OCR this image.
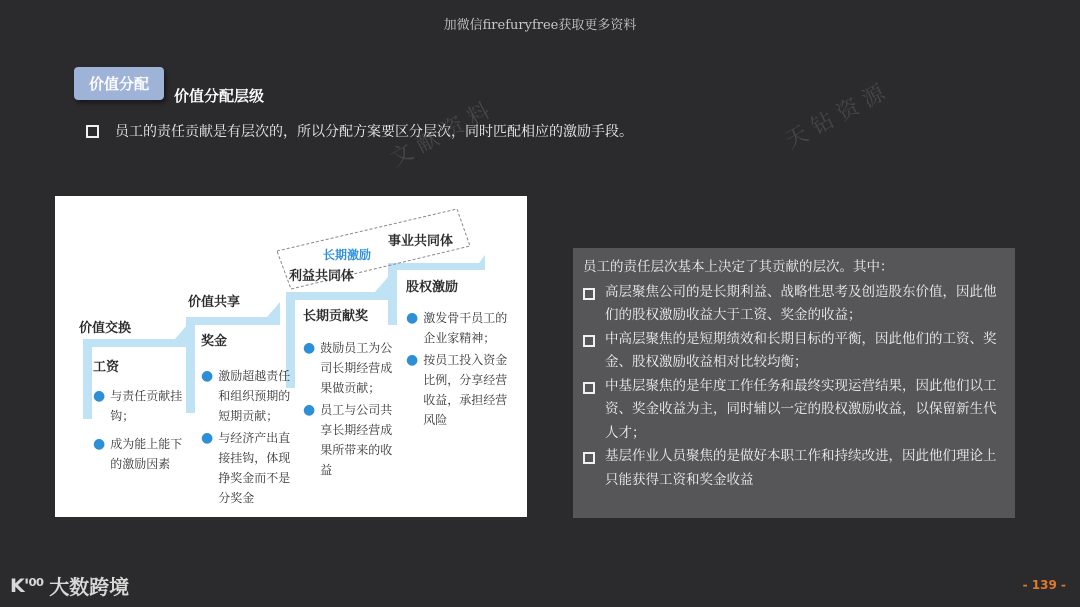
加微信firefuryfree获取更多资料
价值分配
价值分配层级
员工的责任贡献是有层次的，所以分配方案要区分层次，同时匹配相应的激励手段。
文 献 资 料	天 钻 资 源
价值交换
工资
● 与责任贡献挂钩；
● 成为能上能下的激励因素
价值共享
奖金
● 激励超越责任和组织预期的短期贡献；
● 与经济产出直接挂钩，体现挣奖金而不是分奖金
利益共同体
长期贡献奖
● 鼓励员工为公司长期经营成果做贡献；
● 员工与公司共享长期经营成果所带来的收益
长期激励
事业共同体
股权激励
● 激发骨干员工的企业家精神；
● 按员工投入资金比例，分享经营收益，承担经营风险
员工的责任层次基本上决定了其贡献的层次。其中：
高层聚焦公司的是长期利益、战略性思考及创造股东价值，因此他们的股权激励收益大于工资、奖金的收益；
中高层聚焦的是短期绩效和长期目标的平衡，因此他们的工资、奖金、股权激励收益相对比较均衡；
中基层聚焦的是年度工作任务和最终实现运营结果，因此他们以工资、奖金收益为主，同时辅以一定的股权激励收益，以保留新生代人才；
基层作业人员聚焦的是做好本职工作和持续改进，因此他们理论上只能获得工资和奖金收益
K'⁰⁰ 大数跨境	- 139 -
